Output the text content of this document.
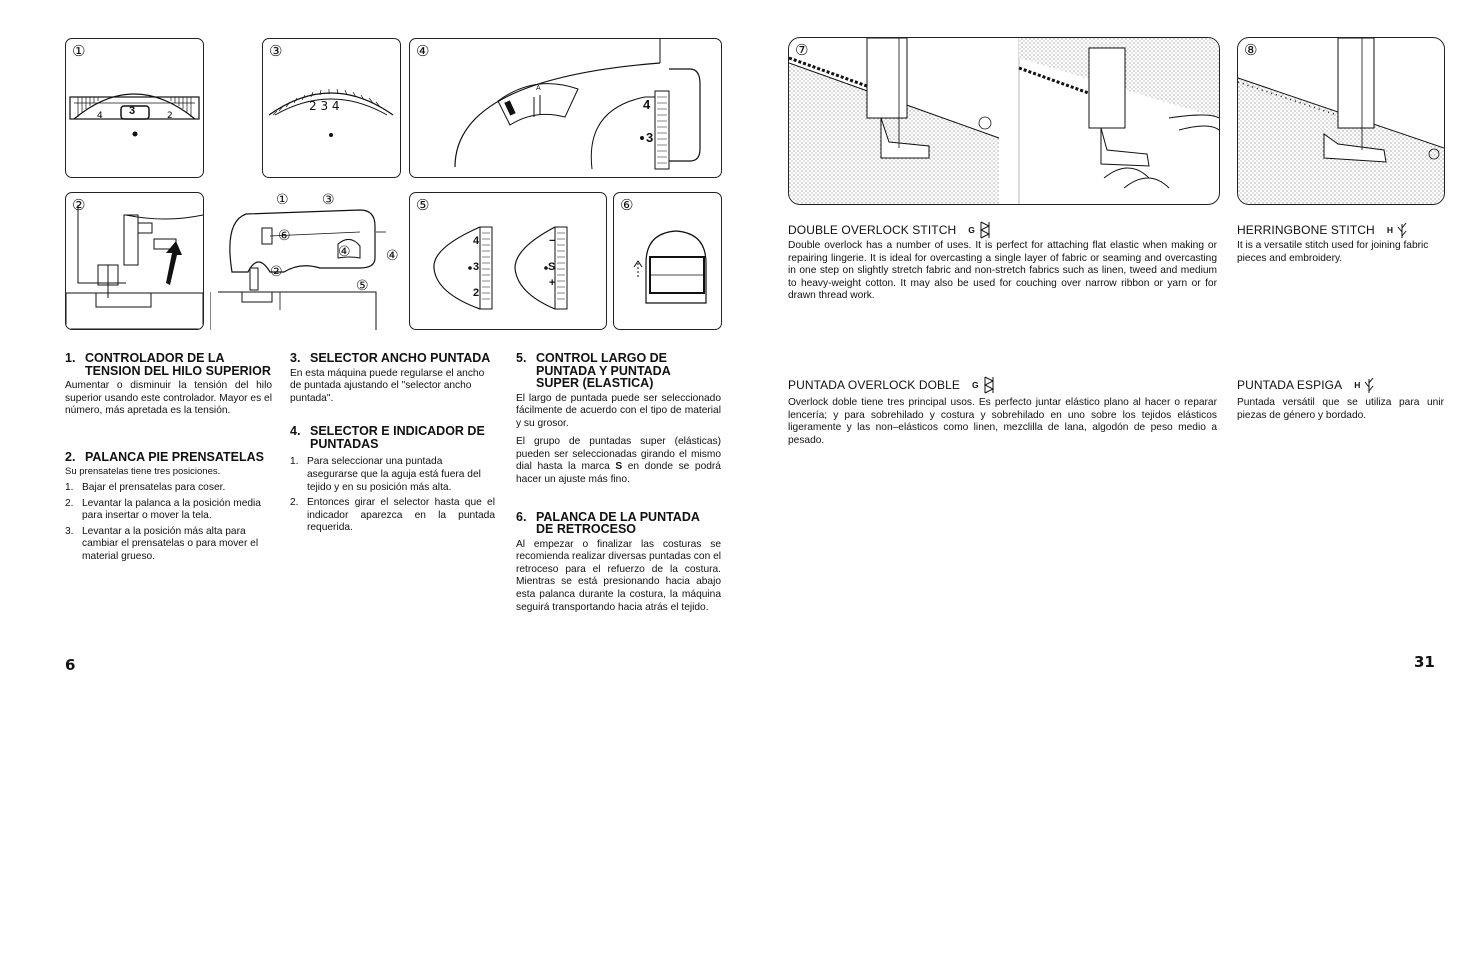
4	2
①
3
③
2 3 4
④
4
3
A
②	① ③
⑥
④
②
④
⑤
⑤
4
3
2
−
S
+
⑥
1. CONTROLADOR DE LA
TENSION DEL HILO SUPERIOR

Aumentar o disminuir la tensión del hilo superior usando este controlador. Mayor es el número, más apretada es la tensión.

2. PALANCA PIE PRENSATELAS

Su prensatelas tiene tres posiciones.

1. Bajar el prensatelas para coser.
2. Levantar la palanca a la posición media para insertar o mover la tela.
3. Levantar a la posición más alta para cambiar el prensatelas o para mover el material grueso.
3. SELECTOR ANCHO PUNTADA

En esta máquina puede regularse el ancho de puntada ajustando el "selector ancho puntada".

4. SELECTOR E INDICADOR DE
PUNTADAS
1. Para seleccionar una puntada asegurarse que la aguja está fuera del tejido y en su posición más alta.
2. Entonces girar el selector hasta que el indicador aparezca en la puntada requerida.
5. CONTROL LARGO DE
PUNTADA Y PUNTADA
SUPER (ELASTICA)

El largo de puntada puede ser seleccionado fácilmente de acuerdo con el tipo de material y su grosor.

El grupo de puntadas super (elásticas) pueden ser seleccionadas girando el mismo dial hasta la marca S en donde se podrá hacer un ajuste más fino.

6. PALANCA DE LA PUNTADA
DE RETROCESO

Al empezar o finalizar las costuras se recomienda realizar diversas puntadas con el retroceso para el refuerzo de la costura. Mientras se está presionando hacia abajo esta palanca durante la costura, la máquina seguirá transportando hacia atrás el tejido.

6
⑦	⑧
DOUBLE OVERLOCK STITCH G
Double overlock has a number of uses. It is perfect for attaching flat elastic when making or repairing lingerie. It is ideal for overcasting a single layer of fabric or seaming and overcasting in one step on slightly stretch fabric and non-stretch fabrics such as linen, tweed and medium to heavy-weight cotton. It may also be used for couching over narrow ribbon or yarn or for drawn thread work.
HERRINGBONE STITCH H
It is a versatile stitch used for joining fabric pieces and embroidery.
PUNTADA OVERLOCK DOBLE G
Overlock doble tiene tres principal usos. Es perfecto juntar elástico plano al hacer o reparar lencería; y para sobrehilado y costura y sobrehilado en uno sobre los tejidos elásticos ligeramente y las non–elásticos como linen, mezclilla de lana, algodón de peso medio a pesado.
PUNTADA ESPIGA H
Puntada versátil que se utiliza para unir piezas de género y bordado.
31
